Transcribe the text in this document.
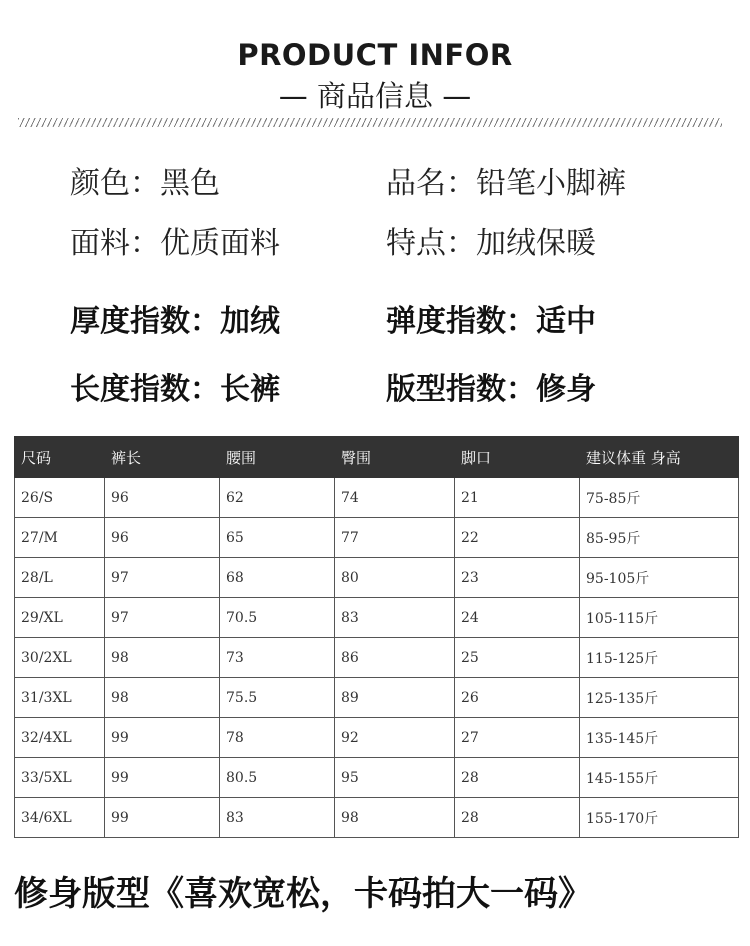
PRODUCT INFOR
— 商品信息 —
颜色：黑色	品名：铅笔小脚裤
面料：优质面料	特点：加绒保暖
厚度指数：加绒	弹度指数：适中
长度指数：长裤	版型指数：修身
尺码	裤长	腰围	臀围	脚口	建议体重 身高
26/S	96	62	74	21	75-85斤
27/M	96	65	77	22	85-95斤
28/L	97	68	80	23	95-105斤
29/XL	97	70.5	83	24	105-115斤
30/2XL	98	73	86	25	115-125斤
31/3XL	98	75.5	89	26	125-135斤
32/4XL	99	78	92	27	135-145斤
33/5XL	99	80.5	95	28	145-155斤
34/6XL	99	83	98	28	155-170斤
修身版型《喜欢宽松，卡码拍大一码》
